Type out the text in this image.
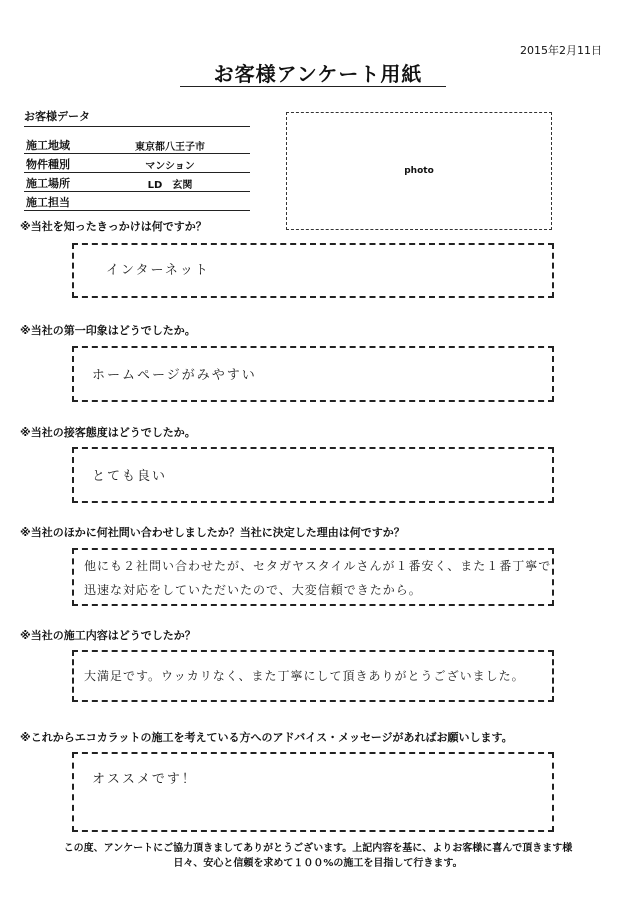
2015年2月11日
お客様アンケート用紙
お客様データ
施工地域	東京都八王子市
物件種別	マンション
施工場所	LD　玄関
施工担当
photo
※当社を知ったきっかけは何ですか？
インターネット
※当社の第一印象はどうでしたか。
ホームページがみやすい
※当社の接客態度はどうでしたか。
とても良い
※当社のほかに何社問い合わせしましたか？当社に決定した理由は何ですか？
他にも２社問い合わせたが、セタガヤスタイルさんが１番安く、また１番丁寧で
迅速な対応をしていただいたので、大変信頼できたから。
※当社の施工内容はどうでしたか？
大満足です。ウッカリなく、また丁寧にして頂きありがとうございました。
※これからエコカラットの施工を考えている方へのアドバイス・メッセージがあればお願いします。
オススメです！
この度、アンケートにご協力頂きましてありがとうございます。上記内容を基に、よりお客様に喜んで頂きます様
日々、安心と信頼を求めて１００%の施工を目指して行きます。
